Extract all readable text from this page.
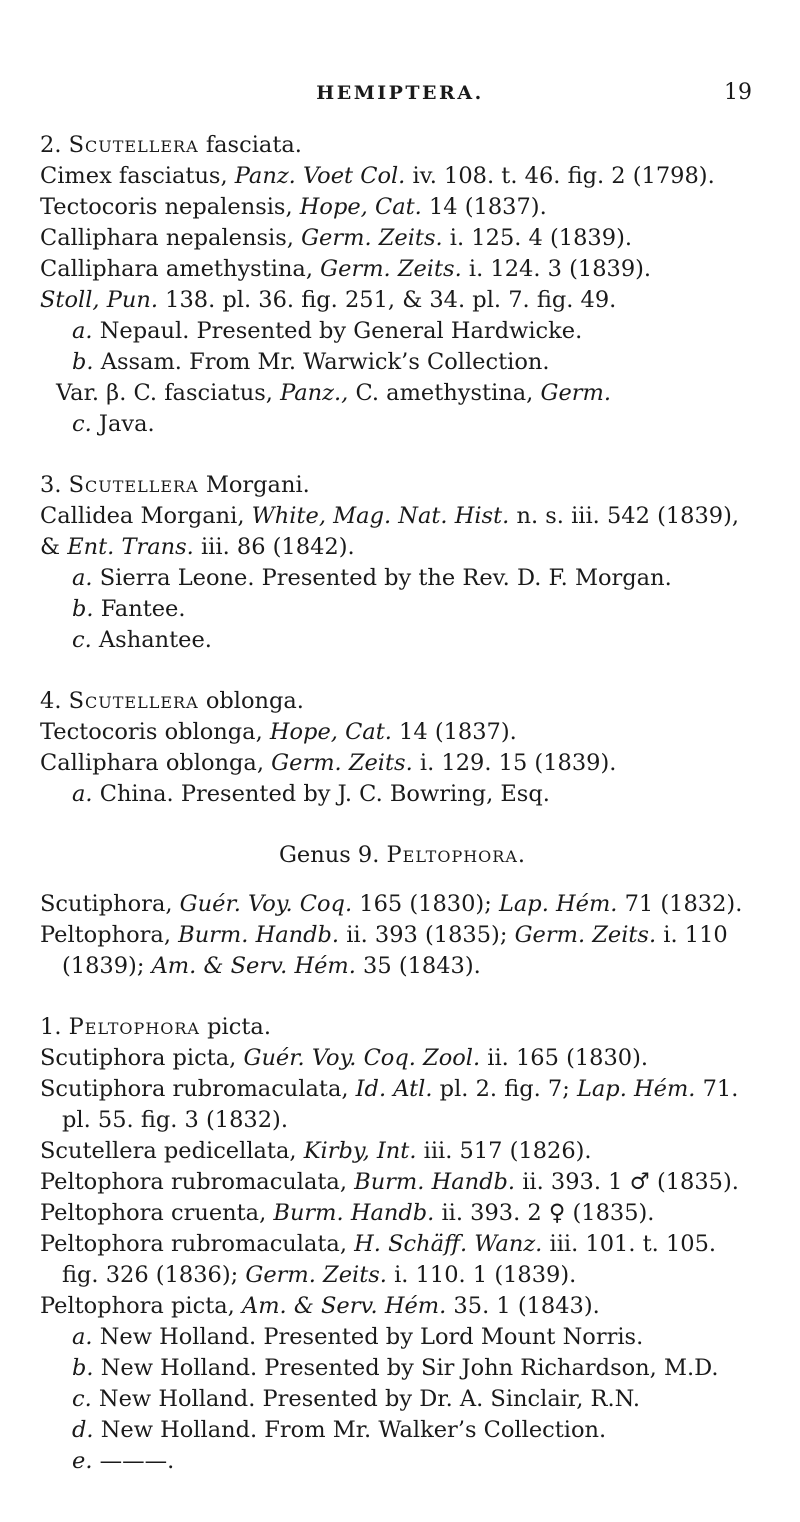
HEMIPTERA.	19
2. Scutellera fasciata.
Cimex fasciatus, Panz. Voet Col. iv. 108. t. 46. fig. 2 (1798).
Tectocoris nepalensis, Hope, Cat. 14 (1837).
Calliphara nepalensis, Germ. Zeits. i. 125. 4 (1839).
Calliphara amethystina, Germ. Zeits. i. 124. 3 (1839).
Stoll, Pun. 138. pl. 36. fig. 251, & 34. pl. 7. fig. 49.
a. Nepaul. Presented by General Hardwicke.
b. Assam. From Mr. Warwick’s Collection.
Var. β. C. fasciatus, Panz., C. amethystina, Germ.
c. Java.
3. Scutellera Morgani.
Callidea Morgani, White, Mag. Nat. Hist. n. s. iii. 542 (1839),
& Ent. Trans. iii. 86 (1842).
a. Sierra Leone. Presented by the Rev. D. F. Morgan.
b. Fantee.
c. Ashantee.
4. Scutellera oblonga.
Tectocoris oblonga, Hope, Cat. 14 (1837).
Calliphara oblonga, Germ. Zeits. i. 129. 15 (1839).
a. China. Presented by J. C. Bowring, Esq.
Genus 9. Peltophora.
Scutiphora, Guér. Voy. Coq. 165 (1830); Lap. Hém. 71 (1832).
Peltophora, Burm. Handb. ii. 393 (1835); Germ. Zeits. i. 110
(1839); Am. & Serv. Hém. 35 (1843).
1. Peltophora picta.
Scutiphora picta, Guér. Voy. Coq. Zool. ii. 165 (1830).
Scutiphora rubromaculata, Id. Atl. pl. 2. fig. 7; Lap. Hém. 71.
pl. 55. fig. 3 (1832).
Scutellera pedicellata, Kirby, Int. iii. 517 (1826).
Peltophora rubromaculata, Burm. Handb. ii. 393. 1 ♂ (1835).
Peltophora cruenta, Burm. Handb. ii. 393. 2 ♀ (1835).
Peltophora rubromaculata, H. Schäff. Wanz. iii. 101. t. 105.
fig. 326 (1836); Germ. Zeits. i. 110. 1 (1839).
Peltophora picta, Am. & Serv. Hém. 35. 1 (1843).
a. New Holland. Presented by Lord Mount Norris.
b. New Holland. Presented by Sir John Richardson, M.D.
c. New Holland. Presented by Dr. A. Sinclair, R.N.
d. New Holland. From Mr. Walker’s Collection.
e. ———.
